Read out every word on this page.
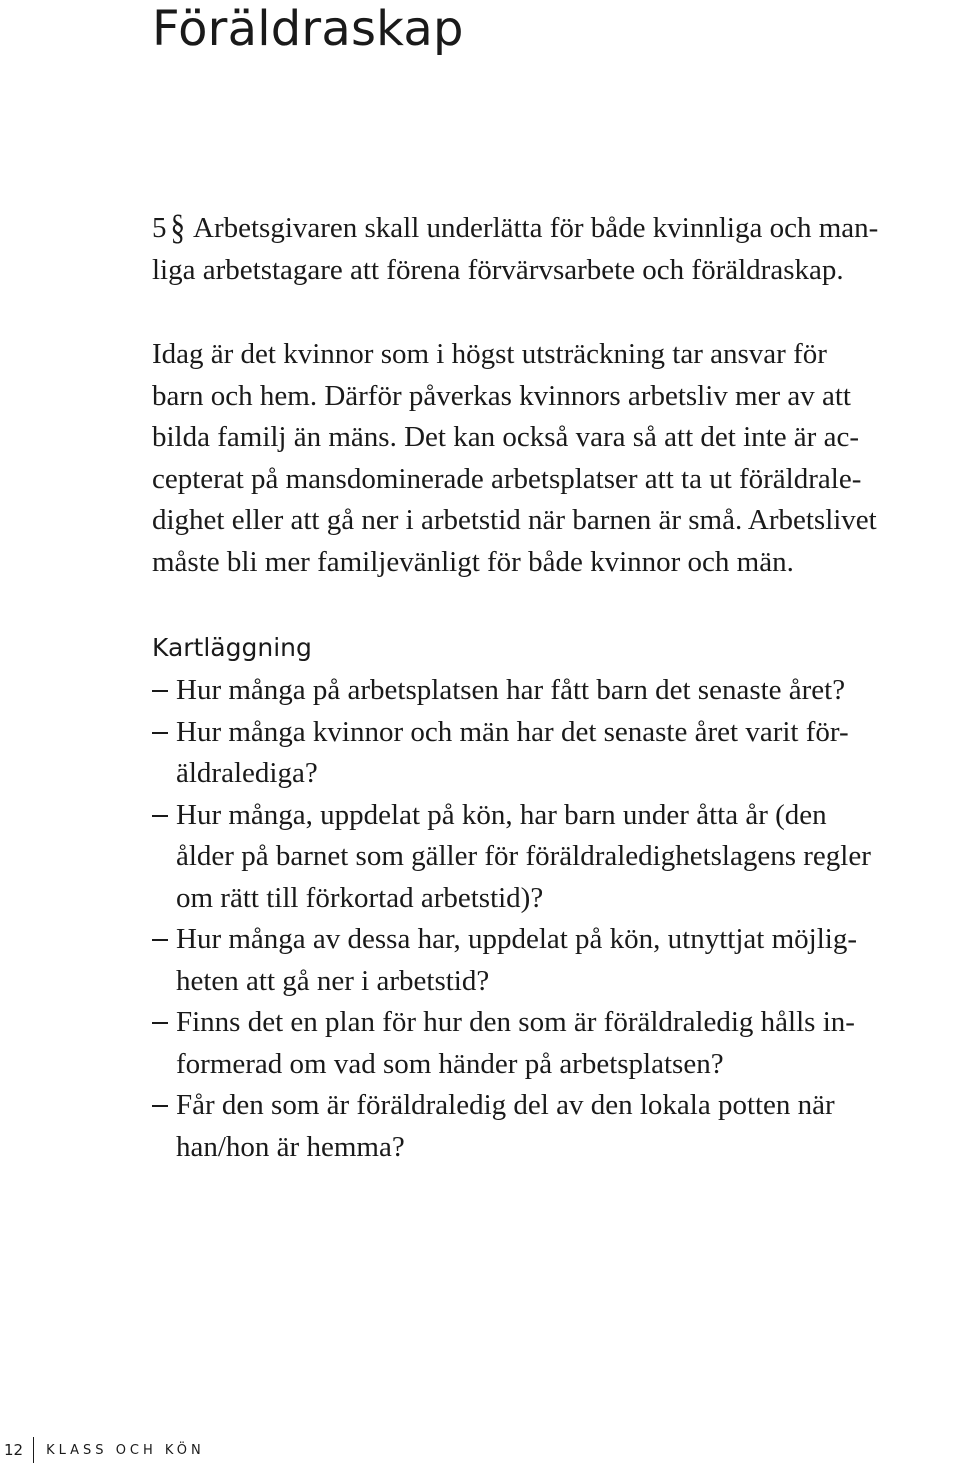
Föräldraskap
5 § Arbetsgivaren skall underlätta för både kvinnliga och man-
liga arbetstagare att förena förvärvsarbete och föräldraskap.
Idag är det kvinnor som i högst utsträckning tar ansvar för
barn och hem. Därför påverkas kvinnors arbetsliv mer av att
bilda familj än mäns. Det kan också vara så att det inte är ac-
cepterat på mansdominerade arbetsplatser att ta ut föräldrale-
dighet eller att gå ner i arbetstid när barnen är små. Arbetslivet
måste bli mer familjevänligt för både kvinnor och män.
Kartläggning
Hur många på arbetsplatsen har fått barn det senaste året?
Hur många kvinnor och män har det senaste året varit för-
äldralediga?
Hur många, uppdelat på kön, har barn under åtta år (den
ålder på barnet som gäller för föräldraledighetslagens regler
om rätt till förkortad arbetstid)?
Hur många av dessa har, uppdelat på kön, utnyttjat möjlig-
heten att gå ner i arbetstid?
Finns det en plan för hur den som är föräldraledig hålls in-
formerad om vad som händer på arbetsplatsen?
Får den som är föräldraledig del av den lokala potten när
han/hon är hemma?
12 KLASS OCH KÖN
